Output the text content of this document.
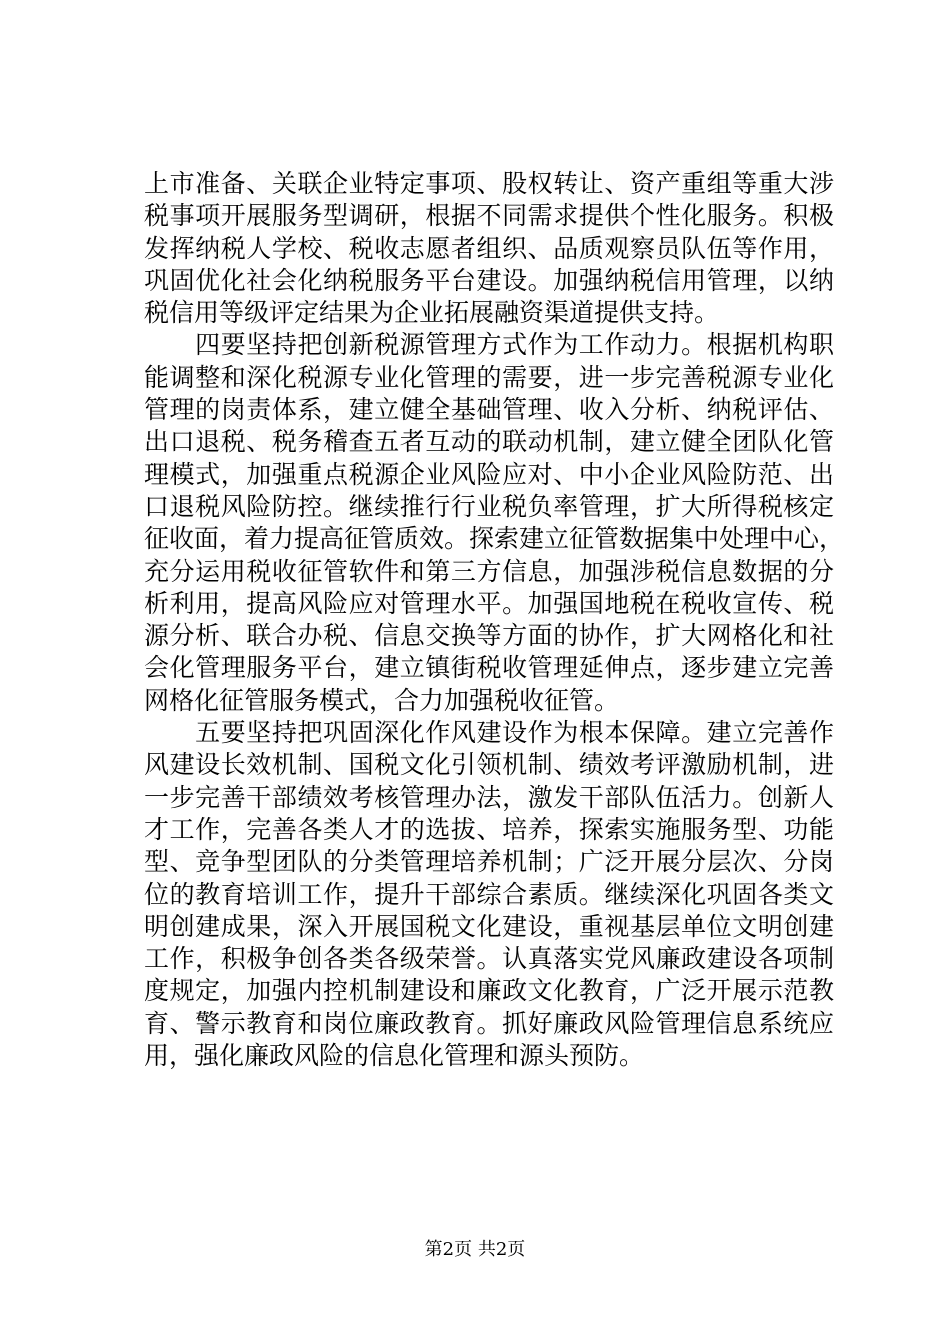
上市准备、关联企业特定事项、股权转让、资产重组等重大涉
税事项开展服务型调研，根据不同需求提供个性化服务。积极
发挥纳税人学校、税收志愿者组织、品质观察员队伍等作用，
巩固优化社会化纳税服务平台建设。加强纳税信用管理，以纳
税信用等级评定结果为企业拓展融资渠道提供支持。
　　四要坚持把创新税源管理方式作为工作动力。根据机构职
能调整和深化税源专业化管理的需要，进一步完善税源专业化
管理的岗责体系，建立健全基础管理、收入分析、纳税评估、
出口退税、税务稽查五者互动的联动机制，建立健全团队化管
理模式，加强重点税源企业风险应对、中小企业风险防范、出
口退税风险防控。继续推行行业税负率管理，扩大所得税核定
征收面，着力提高征管质效。探索建立征管数据集中处理中心，
充分运用税收征管软件和第三方信息，加强涉税信息数据的分
析利用，提高风险应对管理水平。加强国地税在税收宣传、税
源分析、联合办税、信息交换等方面的协作，扩大网格化和社
会化管理服务平台，建立镇街税收管理延伸点，逐步建立完善
网格化征管服务模式，合力加强税收征管。
　　五要坚持把巩固深化作风建设作为根本保障。建立完善作
风建设长效机制、国税文化引领机制、绩效考评激励机制，进
一步完善干部绩效考核管理办法，激发干部队伍活力。创新人
才工作，完善各类人才的选拔、培养，探索实施服务型、功能
型、竞争型团队的分类管理培养机制；广泛开展分层次、分岗
位的教育培训工作，提升干部综合素质。继续深化巩固各类文
明创建成果，深入开展国税文化建设，重视基层单位文明创建
工作，积极争创各类各级荣誉。认真落实党风廉政建设各项制
度规定，加强内控机制建设和廉政文化教育，广泛开展示范教
育、警示教育和岗位廉政教育。抓好廉政风险管理信息系统应
用，强化廉政风险的信息化管理和源头预防。
第2页 共2页
